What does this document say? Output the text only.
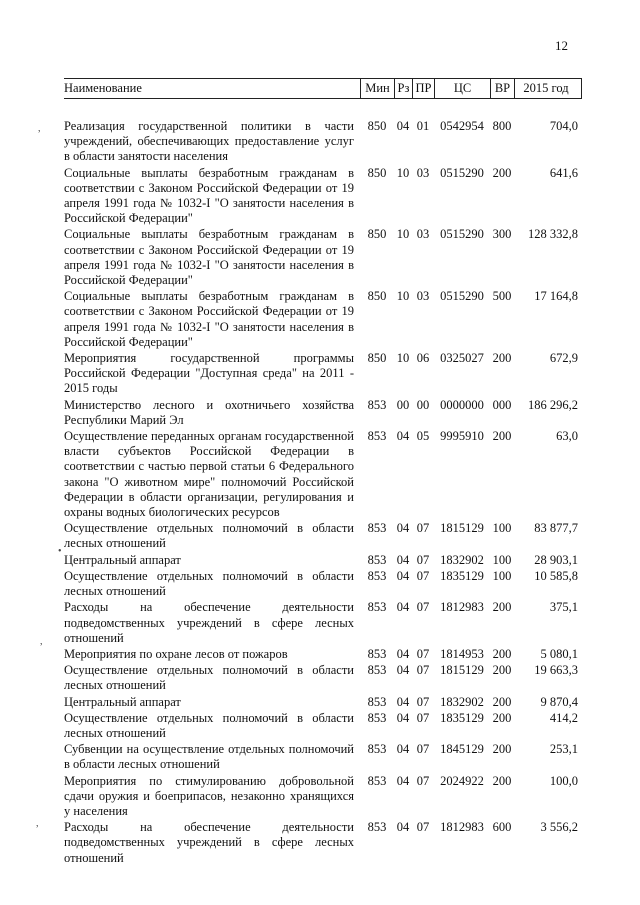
12
,
•
,
,
Наименование	Мин Рз ПР	ЦС	ВР	2015 год
Реализация государственной политики в части учреждений, обеспечивающих предоставление услуг в области занятости населения
850 04 01 0542954 800	704,0
Социальные выплаты безработным гражданам в соответствии с Законом Российской Федерации от 19 апреля 1991 года № 1032-I "О занятости населения в Российской Федерации"
850 10 03 0515290 200	641,6
Социальные выплаты безработным гражданам в соответствии с Законом Российской Федерации от 19 апреля 1991 года № 1032-I "О занятости населения в Российской Федерации"
850 10 03 0515290 300	128 332,8
Социальные выплаты безработным гражданам в соответствии с Законом Российской Федерации от 19 апреля 1991 года № 1032-I "О занятости населения в Российской Федерации"
850 10 03 0515290 500	17 164,8
Мероприятия государственной программы Российской Федерации "Доступная среда" на 2011 - 2015 годы
850 10 06 0325027 200	672,9
Министерство лесного и охотничьего хозяйства Республики Марий Эл
853 00 00 0000000 000	186 296,2
Осуществление переданных органам государственной власти субъектов Российской Федерации в соответствии с частью первой статьи 6 Федерального закона "О животном мире" полномочий Российской Федерации в области организации, регулирования и охраны водных биологических ресурсов
853 04 05 9995910 200	63,0
Осуществление отдельных полномочий в области лесных отношений
853 04 07 1815129 100	83 877,7
Центральный аппарат	853 04 07 1832902 100	28 903,1
Осуществление отдельных полномочий в области лесных отношений
853 04 07 1835129 100	10 585,8
Расходы на обеспечение деятельности подведомственных учреждений в сфере лесных отношений
853 04 07 1812983 200	375,1
Мероприятия по охране лесов от пожаров	853 04 07 1814953 200	5 080,1
Осуществление отдельных полномочий в области лесных отношений
853 04 07 1815129 200	19 663,3
Центральный аппарат	853 04 07 1832902 200	9 870,4
Осуществление отдельных полномочий в области лесных отношений
853 04 07 1835129 200	414,2
Субвенции на осуществление отдельных полномочий в области лесных отношений
853 04 07 1845129 200	253,1
Мероприятия по стимулированию добровольной сдачи оружия и боеприпасов, незаконно хранящихся у населения
853 04 07 2024922 200	100,0
Расходы на обеспечение деятельности подведомственных учреждений в сфере лесных отношений
853 04 07 1812983 600	3 556,2
